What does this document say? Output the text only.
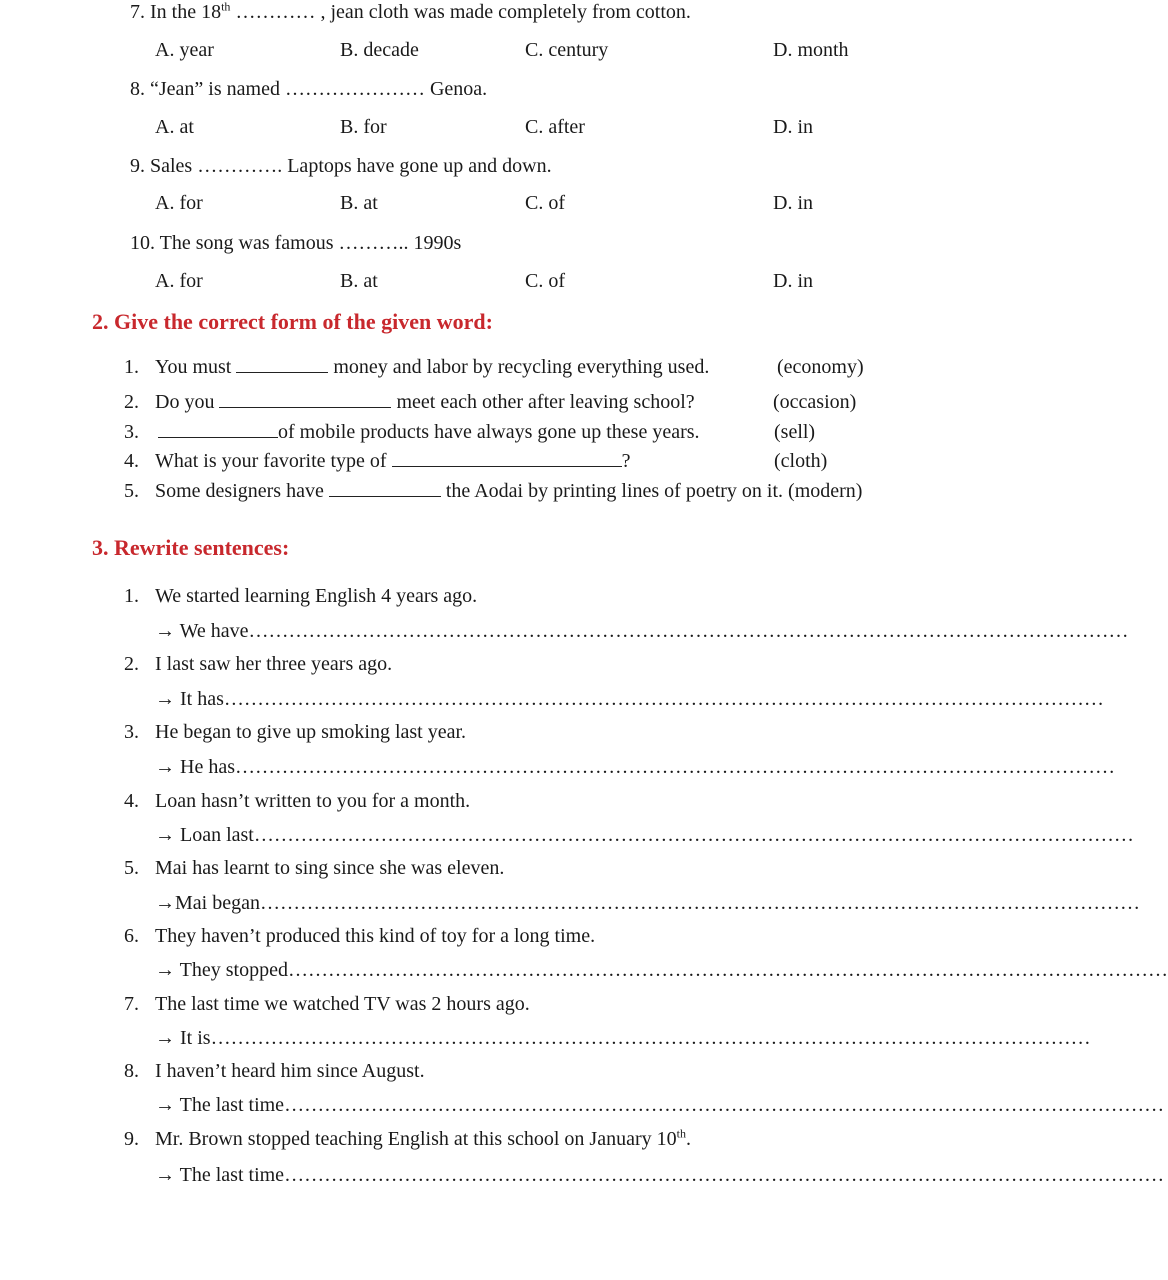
7. In the 18th ………… , jean cloth was made completely from cotton.
A. year	B. decade	C. century	D. month
8. “Jean” is named ………………… Genoa.
A. at	B. for	C. after	D. in
9. Sales …………. Laptops have gone up and down.
A. for	B. at	C. of	D. in
10. The song was famous ……….. 1990s
A. for	B. at	C. of	D. in
2. Give the correct form of the given word:
1. You must	money and labor by recycling everything used.	(economy)
2. Do you	meet each other after leaving school?	(occasion)
3.	of mobile products have always gone up these years.	(sell)
4. What is your favorite type of	?	(cloth)
5. Some designers have	the Aodai by printing lines of poetry on it. (modern)
3. Rewrite sentences:
1. We started learning English 4 years ago.
→ We have……………………………………………………………………………………………………………………
2. I last saw her three years ago.
→ It has……………………………………………………………………………………………………………………
3. He began to give up smoking last year.
→ He has……………………………………………………………………………………………………………………
4. Loan hasn’t written to you for a month.
→ Loan last……………………………………………………………………………………………………………………
5. Mai has learnt to sing since she was eleven.
→Mai began……………………………………………………………………………………………………………………
6. They haven’t produced this kind of toy for a long time.
→ They stopped……………………………………………………………………………………………………………………
7. The last time we watched TV was 2 hours ago.
→ It is……………………………………………………………………………………………………………………
8. I haven’t heard him since August.
→ The last time……………………………………………………………………………………………………………………
9. Mr. Brown stopped teaching English at this school on January 10th.
→ The last time……………………………………………………………………………………………………………………
